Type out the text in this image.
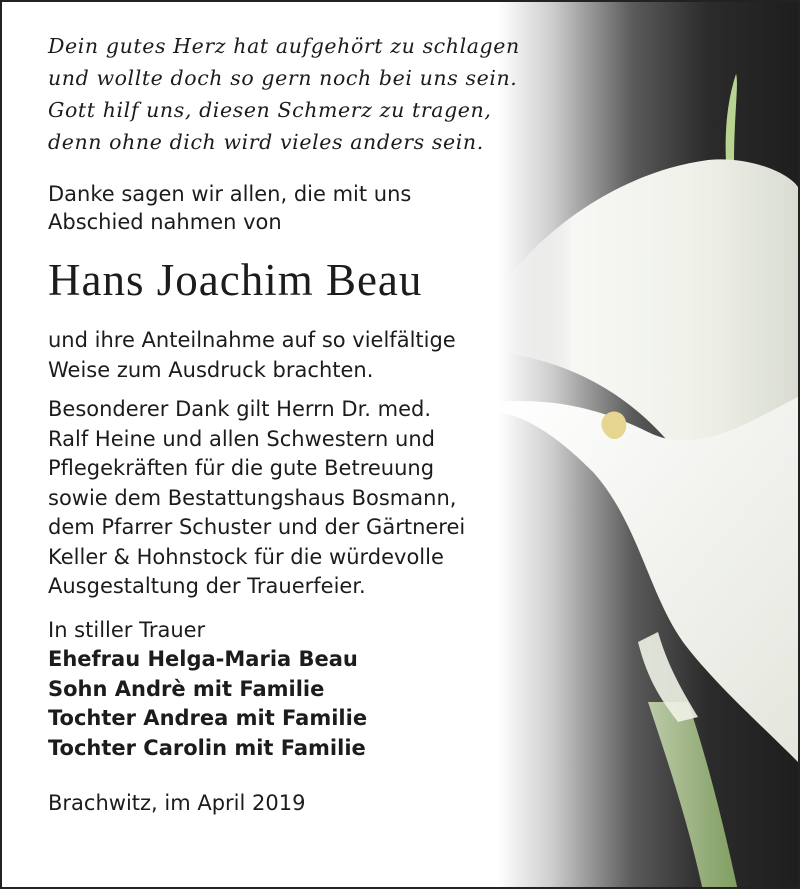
Dein gutes Herz hat aufgehört zu schlagen
und wollte doch so gern noch bei uns sein.
Gott hilf uns, diesen Schmerz zu tragen,
denn ohne dich wird vieles anders sein.
Danke sagen wir allen, die mit uns
Abschied nahmen von
Hans Joachim Beau
und ihre Anteilnahme auf so vielfältige
Weise zum Ausdruck brachten.
Besonderer Dank gilt Herrn Dr. med.
Ralf Heine und allen Schwestern und
Pflegekräften für die gute Betreuung
sowie dem Bestattungshaus Bosmann,
dem Pfarrer Schuster und der Gärtnerei
Keller & Hohnstock für die würdevolle
Ausgestaltung der Trauerfeier.
In stiller Trauer
Ehefrau Helga-Maria Beau
Sohn Andrè mit Familie
Tochter Andrea mit Familie
Tochter Carolin mit Familie
Brachwitz, im April 2019
